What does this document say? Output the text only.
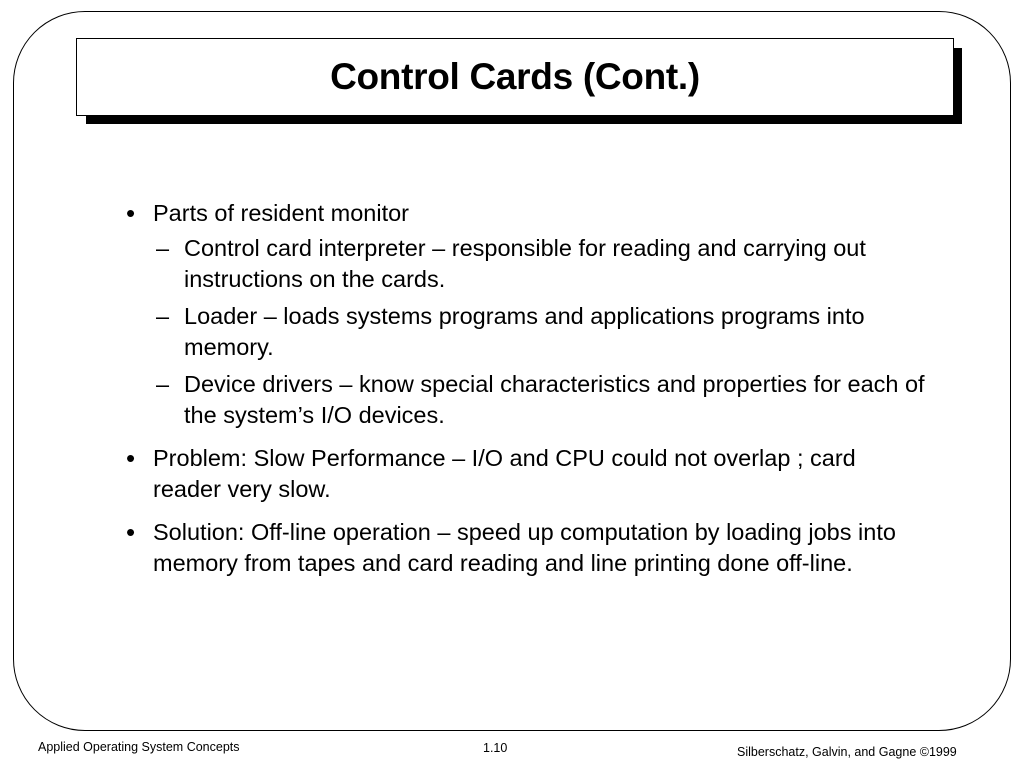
Control Cards (Cont.)
• Parts of resident monitor
– Control card interpreter – responsible for reading and carrying out instructions on the cards.
– Loader – loads systems programs and applications programs into memory.
– Device drivers – know special characteristics and properties for each of the system’s I/O devices.
• Problem: Slow Performance – I/O and CPU could not overlap ; card reader very slow.
• Solution: Off-line operation – speed up computation by loading jobs into memory from tapes and card reading and line printing done off-line.
Applied Operating System Concepts	1.10	Silberschatz, Galvin, and Gagne ©1999
